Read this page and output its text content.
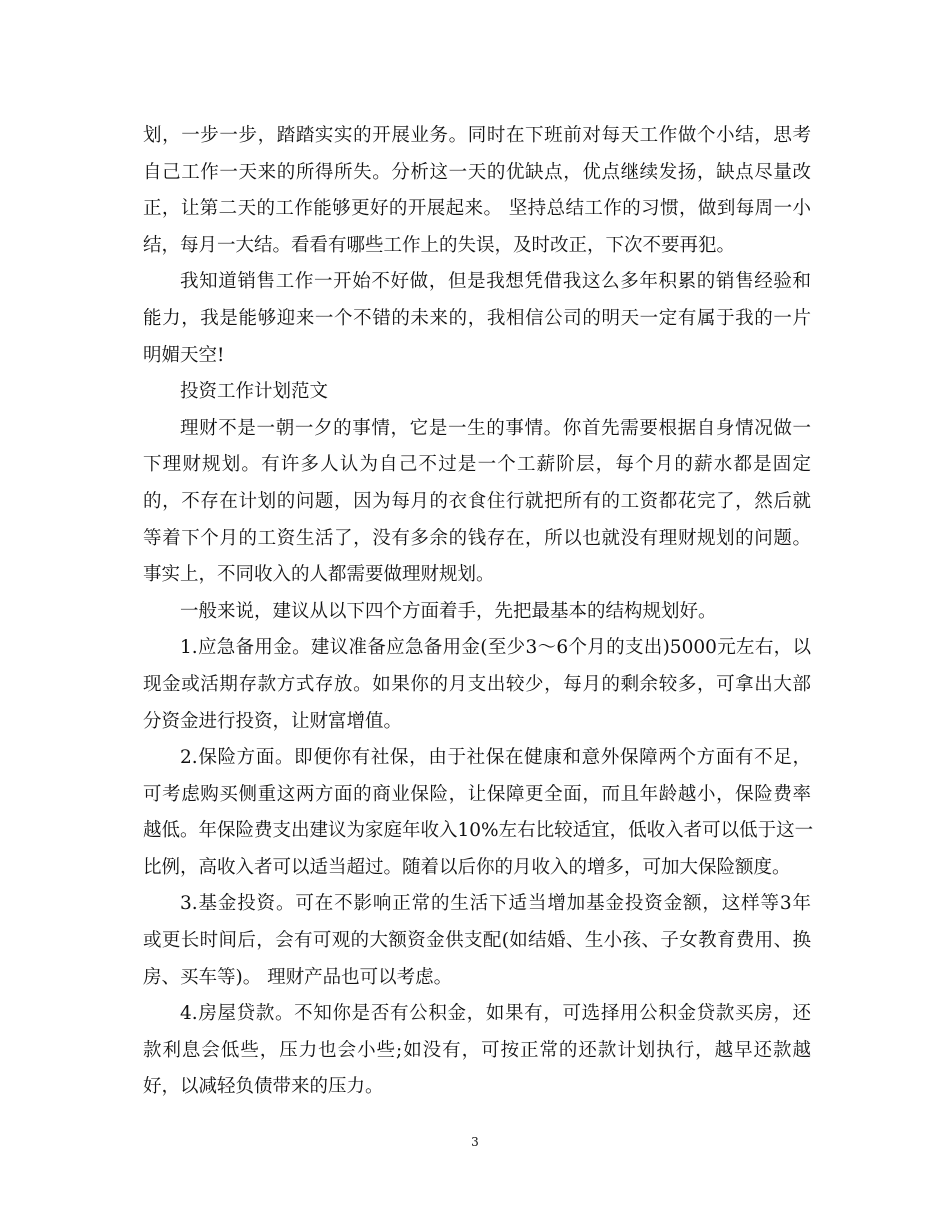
划，一步一步，踏踏实实的开展业务。同时在下班前对每天工作做个小结，思考
自己工作一天来的所得所失。分析这一天的优缺点，优点继续发扬，缺点尽量改
正，让第二天的工作能够更好的开展起来。 坚持总结工作的习惯，做到每周一小
结，每月一大结。看看有哪些工作上的失误，及时改正，下次不要再犯。
我知道销售工作一开始不好做，但是我想凭借我这么多年积累的销售经验和
能力，我是能够迎来一个不错的未来的，我相信公司的明天一定有属于我的一片
明媚天空!
投资工作计划范文
理财不是一朝一夕的事情，它是一生的事情。你首先需要根据自身情况做一
下理财规划。有许多人认为自己不过是一个工薪阶层，每个月的薪水都是固定
的，不存在计划的问题，因为每月的衣食住行就把所有的工资都花完了，然后就
等着下个月的工资生活了，没有多余的钱存在，所以也就没有理财规划的问题。
事实上，不同收入的人都需要做理财规划。
一般来说，建议从以下四个方面着手，先把最基本的结构规划好。
1.应急备用金。建议准备应急备用金(至少3～6个月的支出)5000元左右，以
现金或活期存款方式存放。如果你的月支出较少，每月的剩余较多，可拿出大部
分资金进行投资，让财富增值。
2.保险方面。即便你有社保，由于社保在健康和意外保障两个方面有不足，
可考虑购买侧重这两方面的商业保险，让保障更全面，而且年龄越小，保险费率
越低。年保险费支出建议为家庭年收入10%左右比较适宜，低收入者可以低于这一
比例，高收入者可以适当超过。随着以后你的月收入的增多，可加大保险额度。
3.基金投资。可在不影响正常的生活下适当增加基金投资金额，这样等3年
或更长时间后，会有可观的大额资金供支配(如结婚、生小孩、子女教育费用、换
房、买车等)。 理财产品也可以考虑。
4.房屋贷款。不知你是否有公积金，如果有，可选择用公积金贷款买房，还
款利息会低些，压力也会小些;如没有，可按正常的还款计划执行，越早还款越
好，以减轻负债带来的压力。
3
